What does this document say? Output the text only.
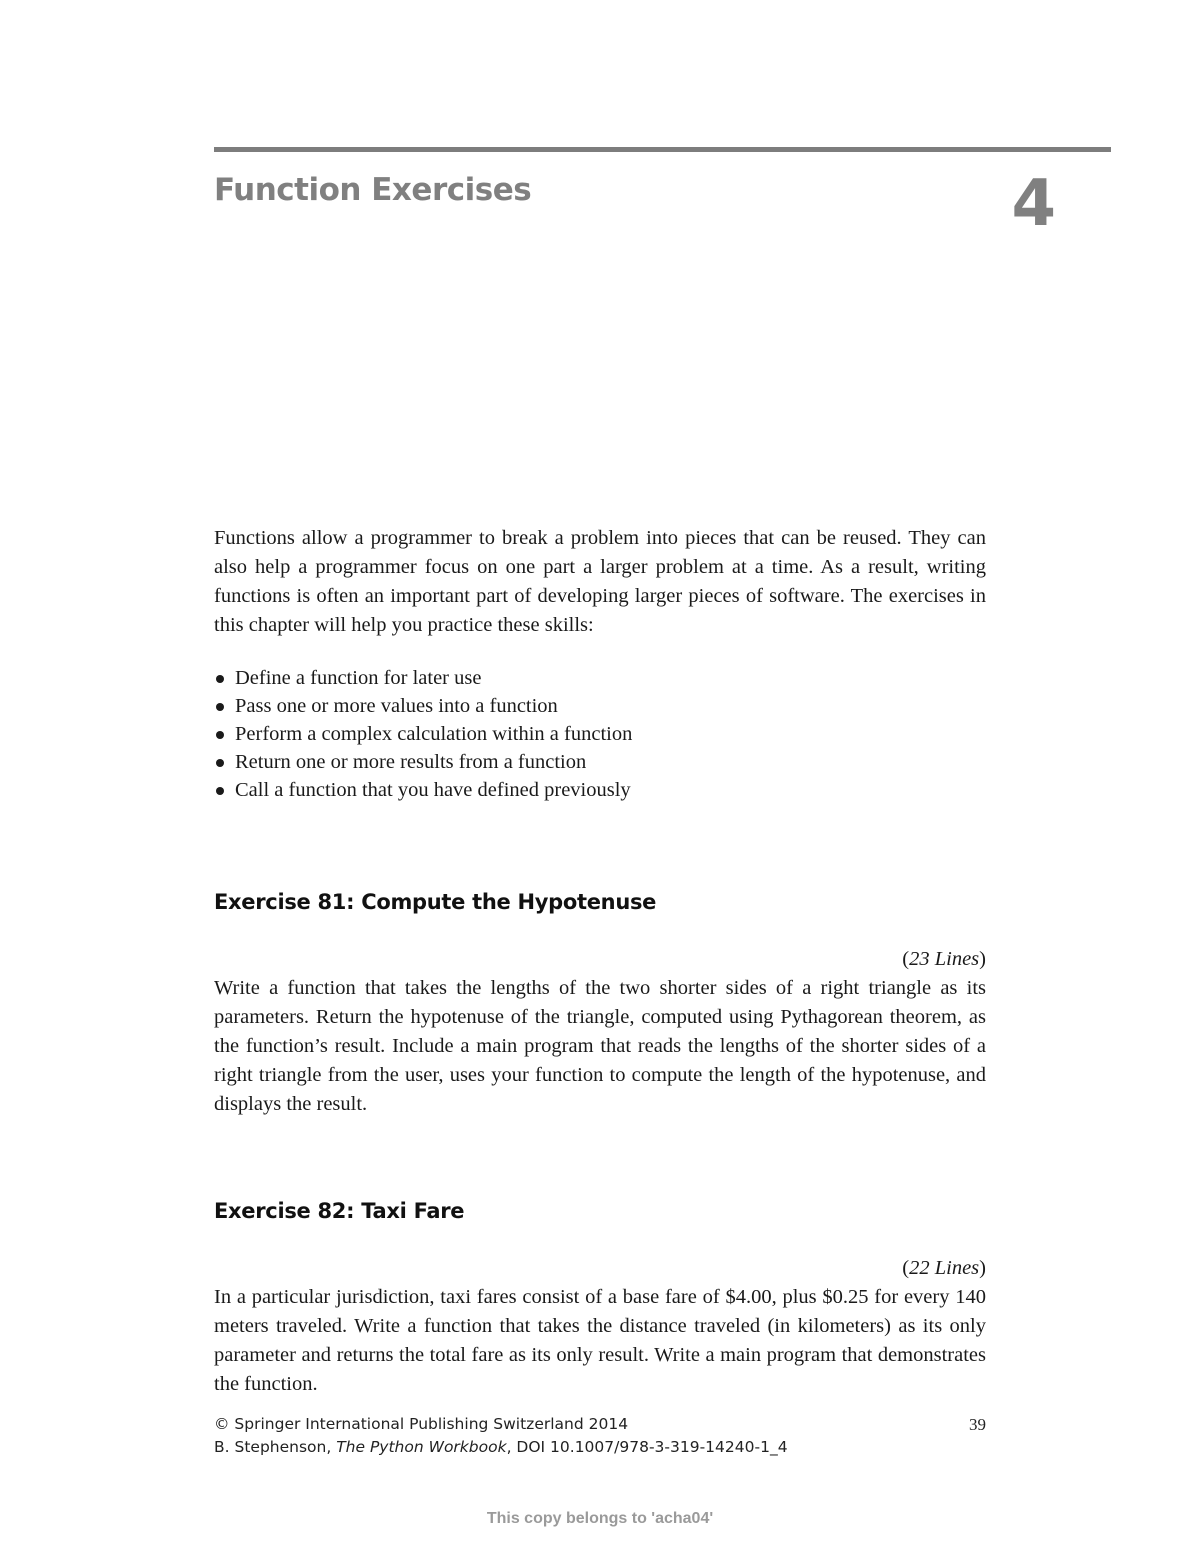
Function Exercises	4

Functions allow a programmer to break a problem into pieces that can be reused. They can also help a programmer focus on one part a larger problem at a time. As a result, writing functions is often an important part of developing larger pieces of software. The exercises in this chapter will help you practice these skills:

Define a function for later use
Pass one or more values into a function
Perform a complex calculation within a function
Return one or more results from a function
Call a function that you have defined previously
Exercise 81: Compute the Hypotenuse

(23 Lines)

Write a function that takes the lengths of the two shorter sides of a right triangle as its parameters. Return the hypotenuse of the triangle, computed using Pythagorean theorem, as the function’s result. Include a main program that reads the lengths of the shorter sides of a right triangle from the user, uses your function to compute the length of the hypotenuse, and displays the result.

Exercise 82: Taxi Fare

(22 Lines)

In a particular jurisdiction, taxi fares consist of a base fare of $4.00, plus $0.25 for every 140 meters traveled. Write a function that takes the distance traveled (in kilometers) as its only parameter and returns the total fare as its only result. Write a main program that demonstrates the function.

© Springer International Publishing Switzerland 2014	39
B. Stephenson, The Python Workbook, DOI 10.1007/978-3-319-14240-1_4
This copy belongs to 'acha04'
